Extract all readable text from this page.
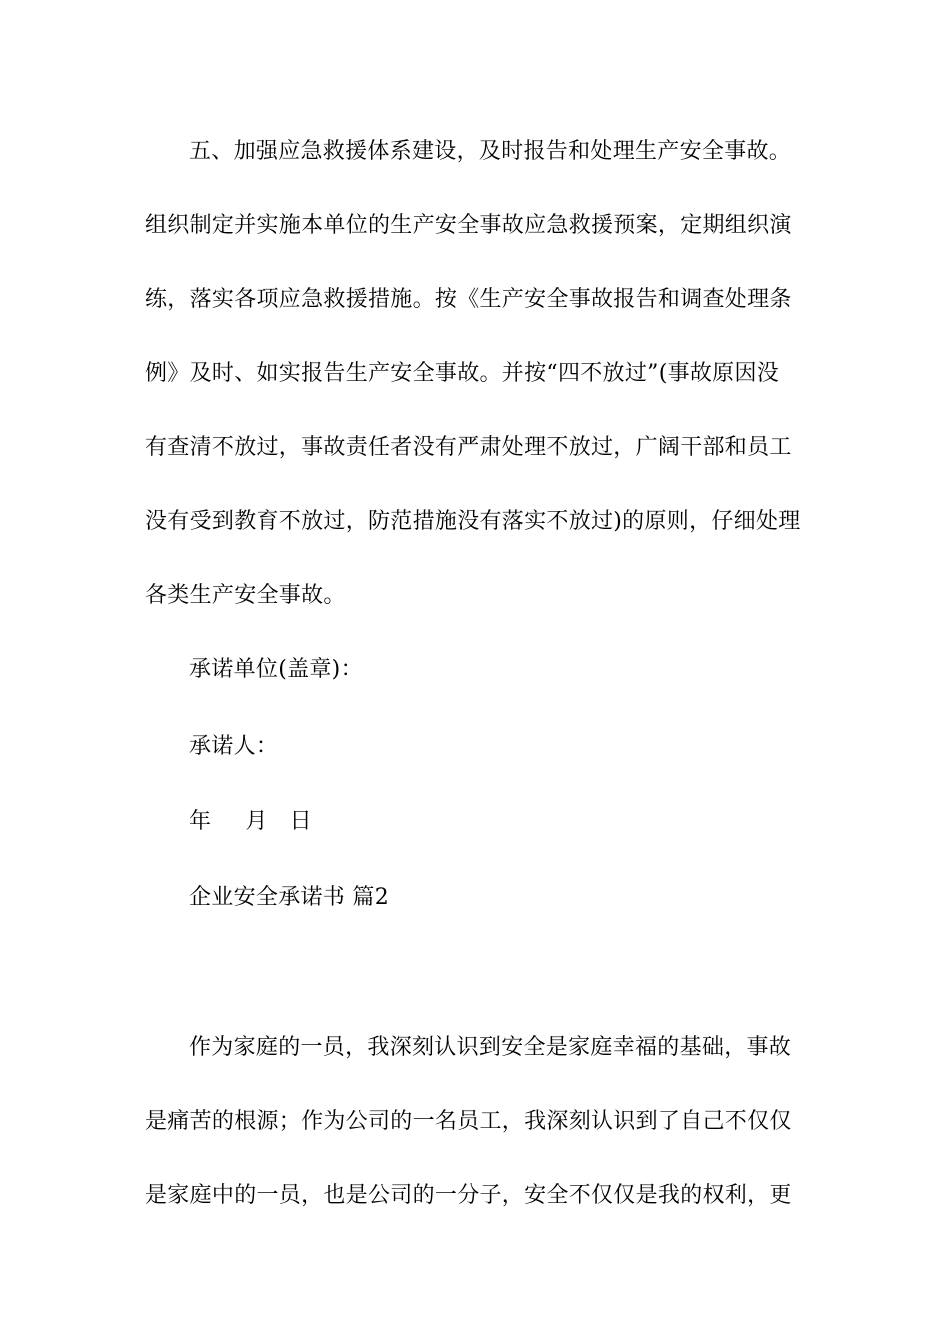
五、加强应急救援体系建设，及时报告和处理生产安全事故。
组织制定并实施本单位的生产安全事故应急救援预案，定期组织演
练，落实各项应急救援措施。按《生产安全事故报告和调查处理条
例》及时、如实报告生产安全事故。并按“四不放过”(事故原因没
有查清不放过，事故责任者没有严肃处理不放过，广阔干部和员工
没有受到教育不放过，防范措施没有落实不放过)的原则，仔细处理
各类生产安全事故。
承诺单位(盖章)：
承诺人：
年 月 日
企业安全承诺书 篇2
作为家庭的一员，我深刻认识到安全是家庭幸福的基础，事故
是痛苦的根源；作为公司的一名员工，我深刻认识到了自己不仅仅
是家庭中的一员，也是公司的一分子，安全不仅仅是我的权利，更
